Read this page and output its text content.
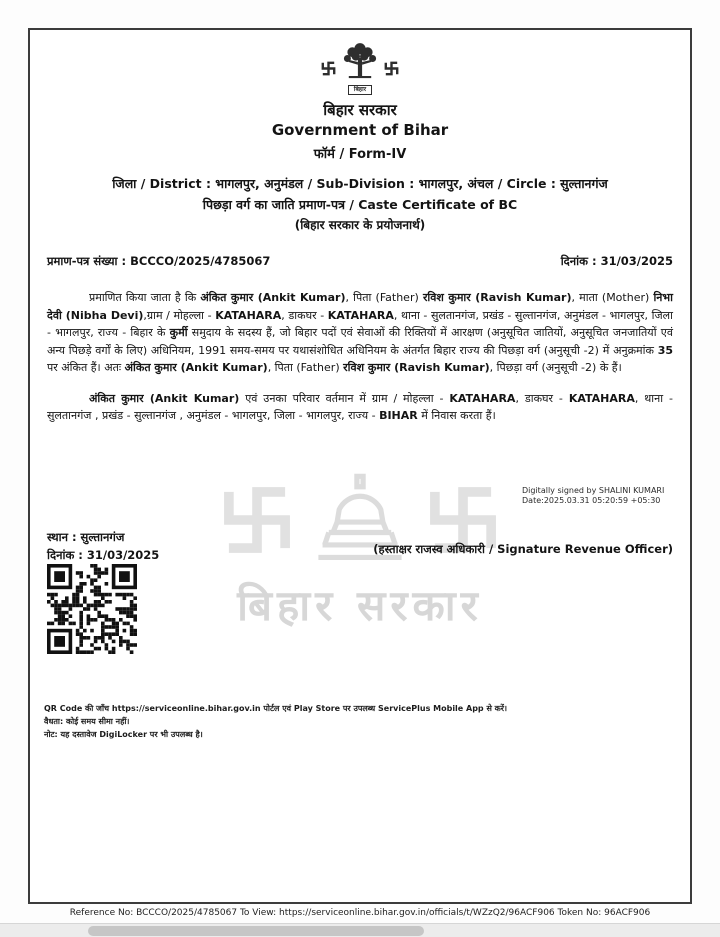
बिहार सरकार
बिहार
बिहार सरकार
Government of Bihar
फॉर्म / Form-IV
जिला / District : भागलपुर, अनुमंडल / Sub-Division : भागलपुर, अंचल / Circle : सुल्तानगंज
पिछड़ा वर्ग का जाति प्रमाण-पत्र / Caste Certificate of BC
(बिहार सरकार के प्रयोजनार्थ)
प्रमाण-पत्र संख्या : BCCCO/2025/4785067	दिनांक : 31/03/2025

प्रमाणित किया जाता है कि अंकित कुमार (Ankit Kumar), पिता (Father) रविश कुमार (Ravish Kumar), माता (Mother) निभा देवी (Nibha Devi),ग्राम / मोहल्ला - KATAHARA, डाकघर - KATAHARA, थाना - सुलतानगंज, प्रखंड - सुल्तानगंज, अनुमंडल - भागलपुर, जिला - भागलपुर, राज्य - बिहार के कुर्मी समुदाय के सदस्य हैं, जो बिहार पदों एवं सेवाओं की रिक्तियों में आरक्षण (अनुसूचित जातियों, अनुसूचित जनजातियों एवं अन्य पिछड़े वर्गों के लिए) अधिनियम, 1991 समय-समय पर यथासंशोधित अधिनियम के अंतर्गत बिहार राज्य की पिछड़ा वर्ग (अनुसूची -2) में अनुक्रमांक 35 पर अंकित हैं। अतः अंकित कुमार (Ankit Kumar), पिता (Father) रविश कुमार (Ravish Kumar), पिछड़ा वर्ग (अनुसूची -2) के हैं।

अंकित कुमार (Ankit Kumar) एवं उनका परिवार वर्तमान में ग्राम / मोहल्ला - KATAHARA, डाकघर - KATAHARA, थाना - सुलतानगंज , प्रखंड - सुल्तानगंज , अनुमंडल - भागलपुर, जिला - भागलपुर, राज्य - BIHAR में निवास करता हैं।

Digitally signed by SHALINI KUMARI
Date:2025.03.31 05:20:59 +05:30
स्थान : सुल्तानगंज
दिनांक : 31/03/2025	(हस्ताक्षर राजस्व अधिकारी / Signature Revenue Officer)
QR Code की जाँच https://serviceonline.bihar.gov.in पोर्टल एवं Play Store पर उपलब्ध ServicePlus Mobile App से करें।
वैधता: कोई समय सीमा नहीं।
नोट: यह दस्तावेज DigiLocker पर भी उपलब्ध है।
Reference No: BCCCO/2025/4785067 To View: https://serviceonline.bihar.gov.in/officials/t/WZzQ2/96ACF906 Token No: 96ACF906
